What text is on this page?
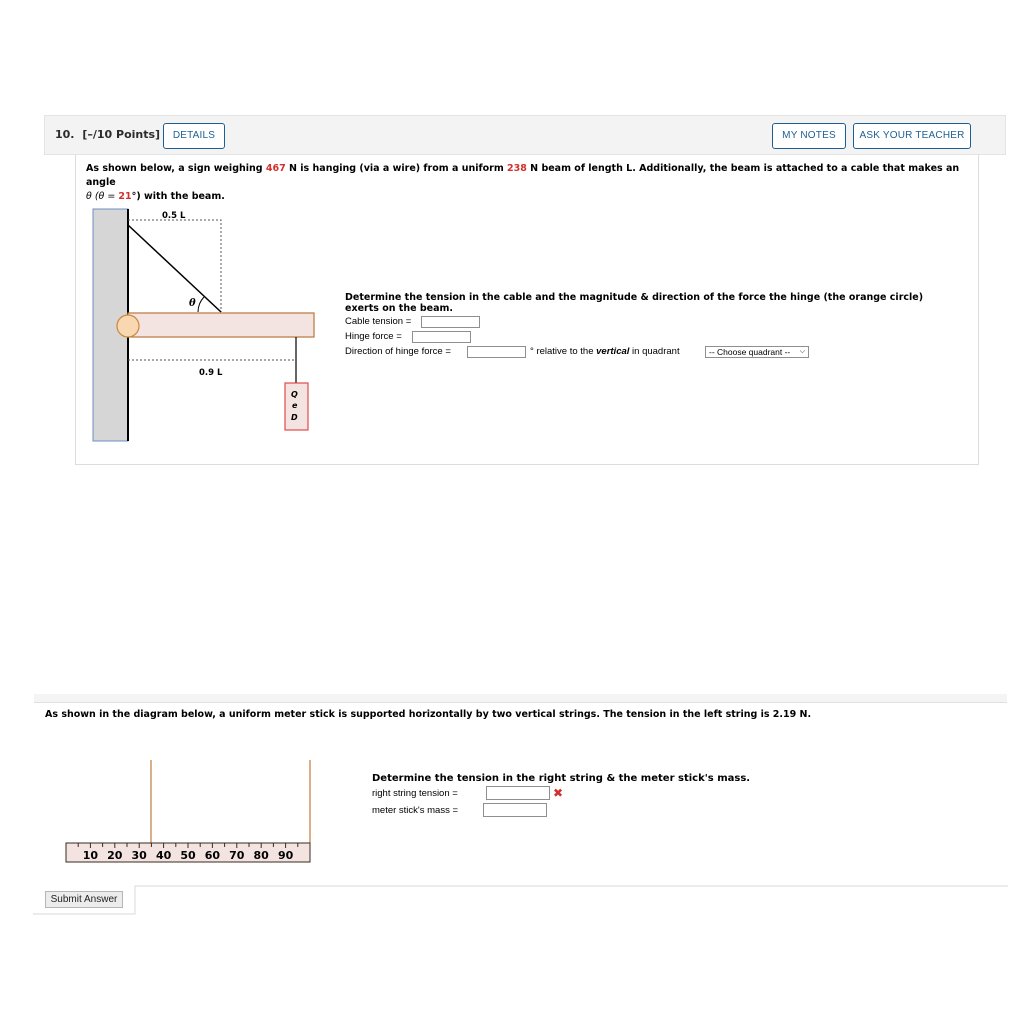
10. [–/10 Points]	DETAILS	MY NOTES	ASK YOUR TEACHER
As shown below, a sign weighing 467 N is hanging (via a wire) from a uniform 238 N beam of length L. Additionally, the beam is attached to a cable that makes an angle
θ (θ = 21°) with the beam.
0.5 L
0.9 L
θ
Q
e
D
Determine the tension in the cable and the magnitude & direction of the force the hinge (the orange circle) exerts on the beam.
Cable tension =
Hinge force =
Direction of hinge force =	° relative to the vertical in quadrant	-- Choose quadrant -- ⌵
As shown in the diagram below, a uniform meter stick is supported horizontally by two vertical strings. The tension in the left string is 2.19 N.
10 20 30 40 50 60 70 80 90
Determine the tension in the right string & the meter stick's mass.
right string tension =	✖
meter stick's mass =
Submit Answer
